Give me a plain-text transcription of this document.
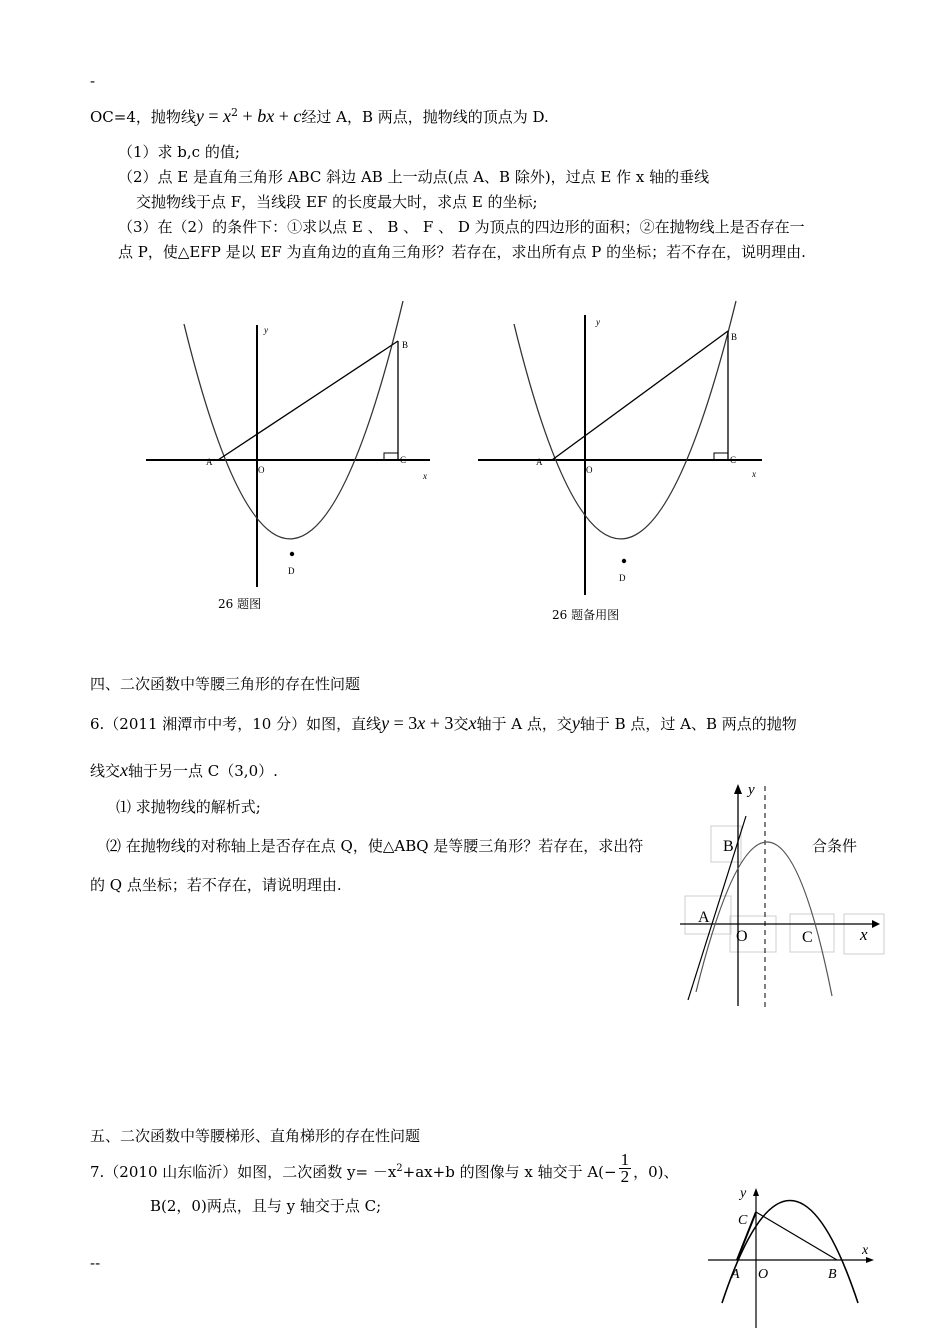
-
OC=4，抛物线$y = x^2$ + bx + c经过 A，B 两点，抛物线的顶点为 D.
（1）求 b,c 的值;
（2）点 E 是直角三角形 ABC 斜边 AB 上一动点(点 A、B 除外)，过点 E 作 x 轴的垂线
交抛物线于点 F，当线段 EF 的长度最大时，求点 E 的坐标;
（3）在（2）的条件下：①求以点 E 、 B 、 F 、 D 为顶点的四边形的面积；②在抛物线上是否存在一
点 P，使△EFP 是以 EF 为直角边的直角三角形？若存在，求出所有点 P 的坐标；若不存在，说明理由.
y
x
A
O
B
C
D
26 题图
y
x
A
O
B
C
D
26 题备用图
四、二次函数中等腰三角形的存在性问题
6.（2011 湘潭市中考，10 分）如图，直线y = 3x + 3交x轴于 A 点，交y轴于 B 点，过 A、B 两点的抛物
线交x轴于另一点 C（3,0）.
⑴ 求抛物线的解析式;
⑵ 在抛物线的对称轴上是否存在点 Q，使△ABQ 是等腰三角形？若存在，求出符	合条件
的 Q 点坐标；若不存在，请说明理由.
y
x
A
B
O	C
五、二次函数中等腰梯形、直角梯形的存在性问题
7.（2010 山东临沂）如图，二次函数 $y= -x^2+ax+b$ 的图像与 x 轴交于 $A(- \frac{1}{2}$ ，0)、
B(2，0)两点，且与 y 轴交于点 C;
--
y
x
C
A O	B
